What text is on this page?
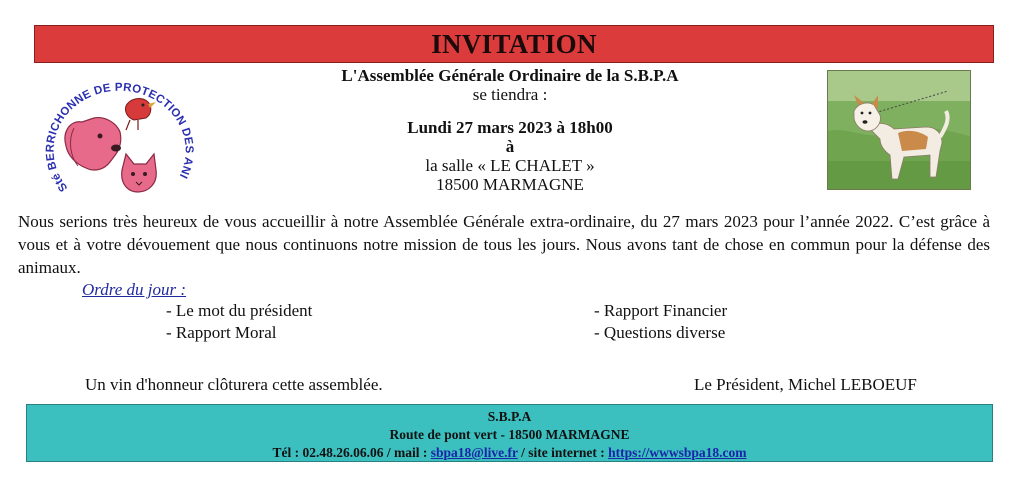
INVITATION
Sté BERRICHONNE DE PROTECTION DES ANI
L'Assemblée Générale Ordinaire de la S.B.P.A
se tiendra :
Lundi 27 mars 2023 à 18h00
à
la salle « LE CHALET »
18500 MARMAGNE
Nous serions très heureux de vous accueillir à notre Assemblée Générale extra-ordinaire, du 27 mars 2023 pour l’année 2022. C’est grâce à vous et à votre dévouement que nous continuons notre mission de tous les jours. Nous avons tant de chose en commun pour la défense des animaux.
Ordre du jour :
- Le mot du président
- Rapport Moral
- Rapport Financier
- Questions diverse
Un vin d'honneur clôturera cette assemblée.	Le Président, Michel LEBOEUF
S.B.P.A
Route de pont vert - 18500 MARMAGNE
Tél : 02.48.26.06.06 / mail : sbpa18@live.fr / site internet : https://wwwsbpa18.com
